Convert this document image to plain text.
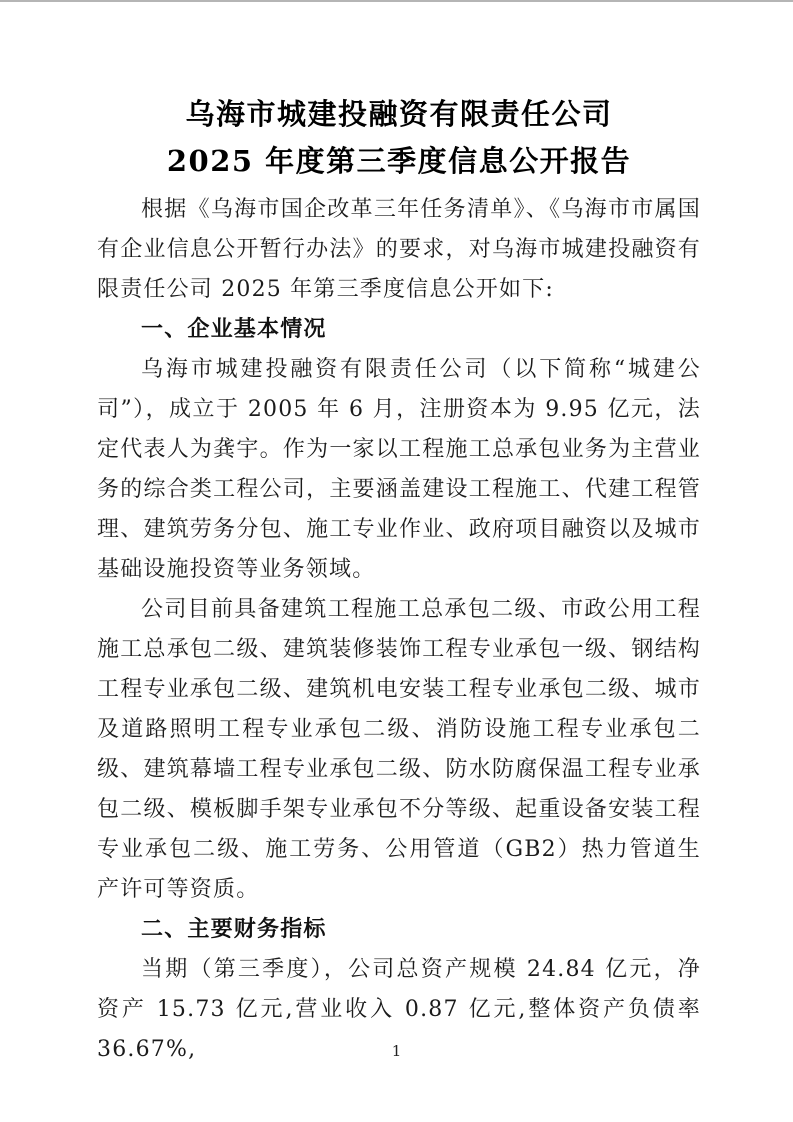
乌海市城建投融资有限责任公司
2025 年度第三季度信息公开报告

根据《乌海市国企改革三年任务清单》、《乌海市市属国有企业信息公开暂行办法》的要求，对乌海市城建投融资有限责任公司 2025 年第三季度信息公开如下:

一、企业基本情况

乌海市城建投融资有限责任公司（以下简称“城建公司”），成立于 2005 年 6 月，注册资本为 9.95 亿元，法定代表人为龚宇。作为一家以工程施工总承包业务为主营业务的综合类工程公司，主要涵盖建设工程施工、代建工程管理、建筑劳务分包、施工专业作业、政府项目融资以及城市基础设施投资等业务领域。

公司目前具备建筑工程施工总承包二级、市政公用工程施工总承包二级、建筑装修装饰工程专业承包一级、钢结构工程专业承包二级、建筑机电安装工程专业承包二级、城市及道路照明工程专业承包二级、消防设施工程专业承包二级、建筑幕墙工程专业承包二级、防水防腐保温工程专业承包二级、模板脚手架专业承包不分等级、起重设备安装工程专业承包二级、施工劳务、公用管道（GB2）热力管道生产许可等资质。

二、主要财务指标

当期（第三季度），公司总资产规模 24.84 亿元，净资产 15.73 亿元,营业收入 0.87 亿元,整体资产负债率 36.67%,	1
